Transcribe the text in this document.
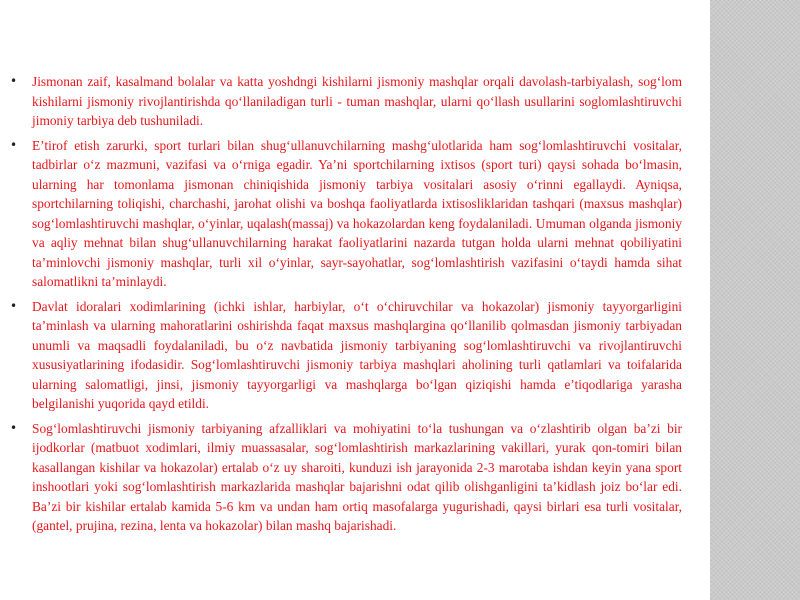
•	Jismonan zaif, kasalmand bolalar va katta yoshdngi kishilarni jismoniy mashqlar orqali davolash-tarbiyalash, sog‘lom kishilarni jismoniy rivojlantirishda qo‘llaniladigan turli - tuman mashqlar, ularni qo‘llash usullarini soglomlashtiruvchi jimoniy tarbiya deb tushuniladi.
•	E’tirof etish zarurki, sport turlari bilan shug‘ullanuvchilarning mashg‘ulotlarida ham sog‘lomlashtiruvchi vositalar, tadbirlar o‘z mazmuni, vazifasi va o‘rniga egadir. Ya’ni sportchilarning ixtisos (sport turi) qaysi sohada bo‘lmasin, ularning har tomonlama jismonan chiniqishida jismoniy tarbiya vositalari asosiy o‘rinni egallaydi. Ayniqsa, sportchilarning toliqishi, charchashi, jarohat olishi va boshqa faoliyatlarda ixtisosliklaridan tashqari (maxsus mashqlar) sog‘lomlashtiruvchi mashqlar, o‘yinlar, uqalash(massaj) va hokazolardan keng foydalaniladi. Umuman olganda jismoniy va aqliy mehnat bilan shug‘ullanuvchilarning harakat faoliyatlarini nazarda tutgan holda ularni mehnat qobiliyatini ta’minlovchi jismoniy mashqlar, turli xil o‘yinlar, sayr-sayohatlar, sog‘lomlashtirish vazifasini o‘taydi hamda sihat salomatlikni ta’minlaydi.
•	Davlat idoralari xodimlarining (ichki ishlar, harbiylar, o‘t o‘chiruvchilar va hokazolar) jismoniy tayyorgarligini ta’minlash va ularning mahoratlarini oshirishda faqat maxsus mashqlargina qo‘llanilib qolmasdan jismoniy tarbiyadan unumli va maqsadli foydalaniladi, bu o‘z navbatida jismoniy tarbiyaning sog‘lomlashtiruvchi va rivojlantiruvchi xususiyatlarining ifodasidir. Sog‘lomlashtiruvchi jismoniy tarbiya mashqlari aholining turli qatlamlari va toifalarida ularning salomatligi, jinsi, jismoniy tayyorgarligi va mashqlarga bo‘lgan qiziqishi hamda e’tiqodlariga yarasha belgilanishi yuqorida qayd etildi.
•	Sog‘lomlashtiruvchi jismoniy tarbiyaning afzalliklari va mohiyatini to‘la tushungan va o‘zlashtirib olgan ba’zi bir ijodkorlar (matbuot xodimlari, ilmiy muassasalar, sog‘lomlashtirish markazlarining vakillari, yurak qon-tomiri bilan kasallangan kishilar va hokazolar) ertalab o‘z uy sharoiti, kunduzi ish jarayonida 2-3 marotaba ishdan keyin yana sport inshootlari yoki sog‘lomlashtirish markazlarida mashqlar bajarishni odat qilib olishganligini ta’kidlash joiz bo‘lar edi. Ba’zi bir kishilar ertalab kamida 5-6 km va undan ham ortiq masofalarga yugurishadi, qaysi birlari esa turli vositalar, (gantel, prujina, rezina, lenta va hokazolar) bilan mashq bajarishadi.
